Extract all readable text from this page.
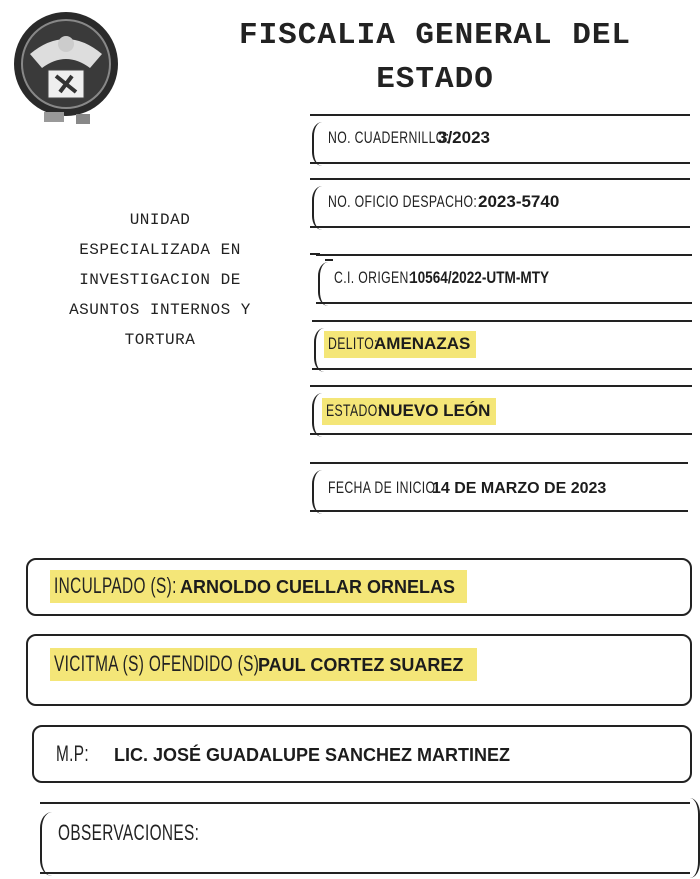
FISCALIA GENERAL DEL
ESTADO
UNIDAD
ESPECIALIZADA EN
INVESTIGACION DE
ASUNTOS INTERNOS Y
TORTURA
NO. CUADERNILLO:
3/2023
NO. OFICIO DESPACHO: 2023-5740
C.I. ORIGEN:
10564/2022-UTM-MTY
DELITO:
AMENAZAS
ESTADO:
NUEVO LEÓN
FECHA DE INICIO:
14 DE MARZO DE 2023
INCULPADO (S): ARNOLDO CUELLAR ORNELAS
VICITMA (S) OFENDIDO (S):
PAUL CORTEZ SUAREZ
M.P:	LIC. JOSÉ GUADALUPE SANCHEZ MARTINEZ
OBSERVACIONES:
